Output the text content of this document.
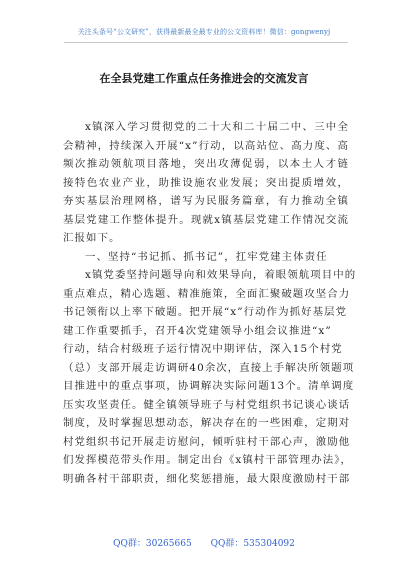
关注头条号“公文研究”，获得最新最全最专业的公文资料库！微信：gongwenyj
在全县党建工作重点任务推进会的交流发言

x镇深入学习贯彻党的二十大和二十届二中、三中全会精神，持续深入开展“x”行动，以高站位、高力度、高频次推动领航项目落地，突出攻薄促弱，以本土人才链接特色农业产业，助推设施农业发展；突出提质增效，夯实基层治理网格，谱写为民服务篇章，有力推动全镇基层党建工作整体提升。现就x镇基层党建工作情况交流汇报如下。

一、坚持“书记抓、抓书记”，扛牢党建主体责任

x镇党委坚持问题导向和效果导向，着眼领航项目中的
重点难点，精心选题、精准施策，全面汇聚破题攻坚合力
书记领衔以上率下破题。把开展“x”行动作为抓好基层党
建工作重要抓手，召开4次党建领导小组会议推进“x”
行动，结合村级班子运行情况中期评估，深入15个村党
（总）支部开展走访调研40余次，直接上手解决所领题项
目推进中的重点事项，协调解决实际问题13个。清单调度
压实攻坚责任。健全镇领导班子与村党组织书记谈心谈话
制度，及时掌握思想动态，解决存在的一些困难，定期对
村党组织书记开展走访慰问，倾听驻村干部心声，激励他
们发挥模范带头作用。制定出台《x镇村干部管理办法》，
明确各村干部职责，细化奖惩措施，最大限度激励村干部
QQ群：30265665 QQ群：535304092
